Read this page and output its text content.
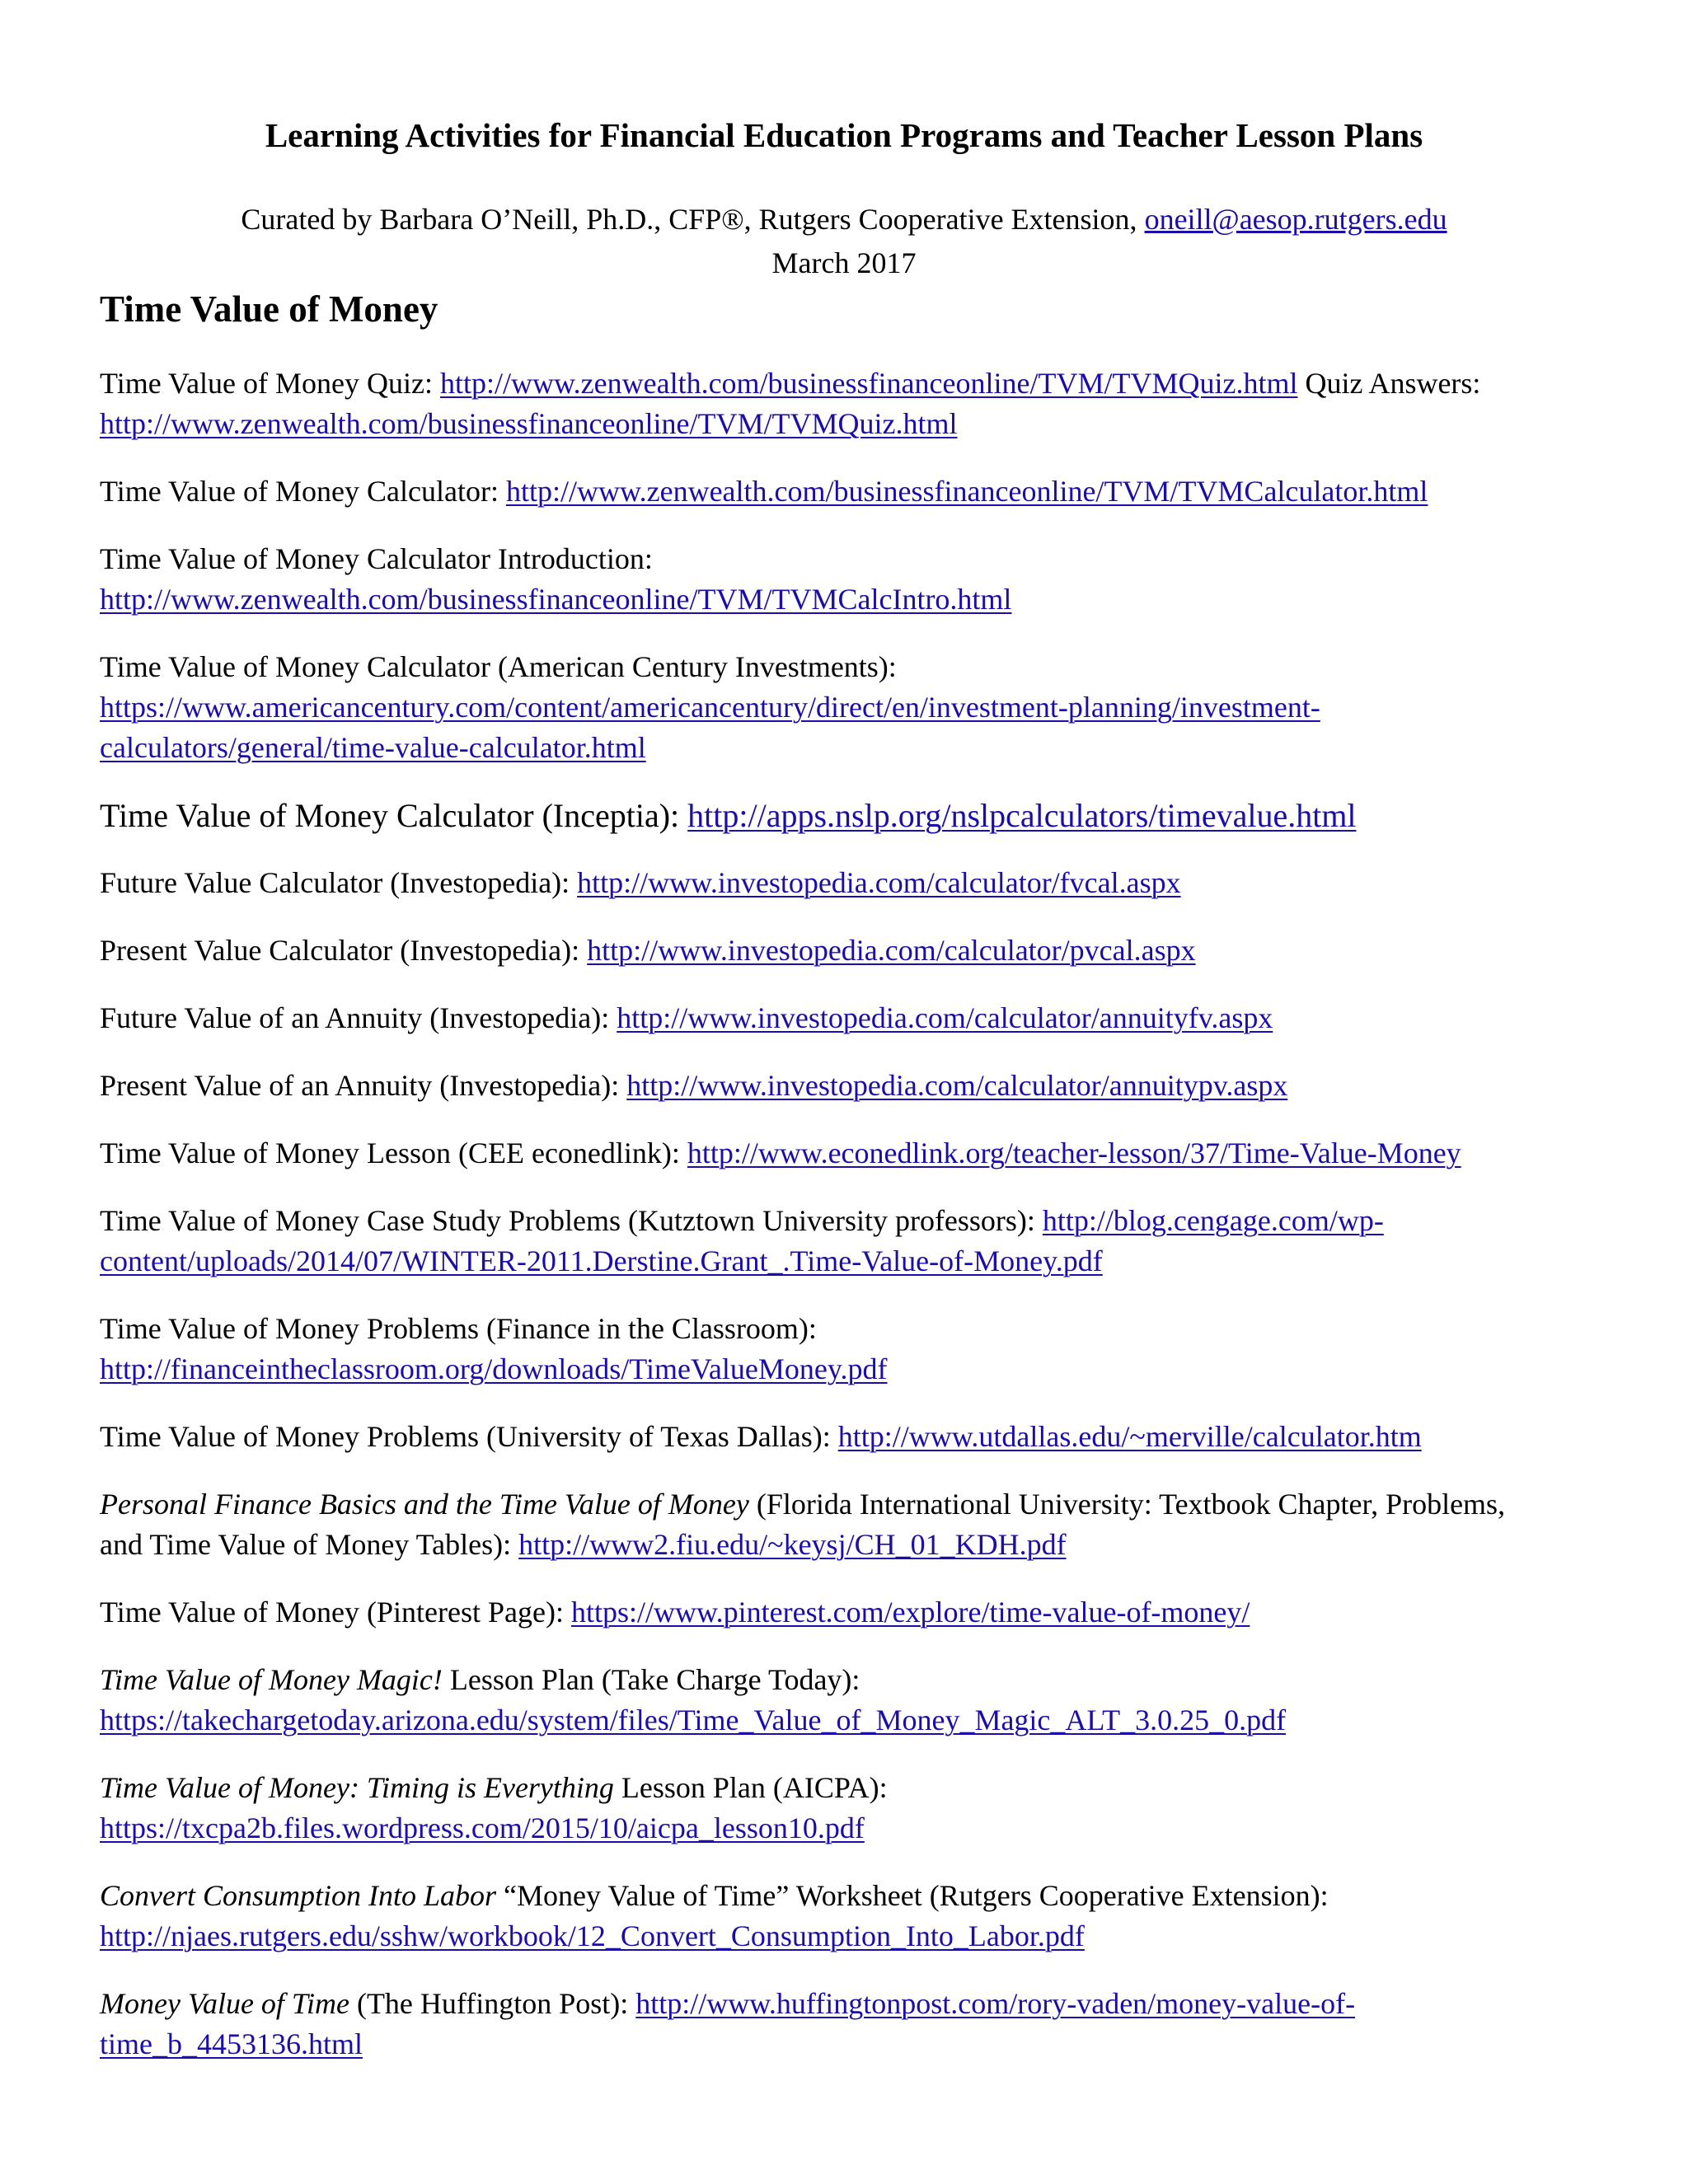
Learning Activities for Financial Education Programs and Teacher Lesson Plans
Curated by Barbara O’Neill, Ph.D., CFP®, Rutgers Cooperative Extension, oneill@aesop.rutgers.edu
March 2017
Time Value of Money
Time Value of Money Quiz: http://www.zenwealth.com/businessfinanceonline/TVM/TVMQuiz.html Quiz Answers:
http://www.zenwealth.com/businessfinanceonline/TVM/TVMQuiz.html
Time Value of Money Calculator: http://www.zenwealth.com/businessfinanceonline/TVM/TVMCalculator.html
Time Value of Money Calculator Introduction:
http://www.zenwealth.com/businessfinanceonline/TVM/TVMCalcIntro.html
Time Value of Money Calculator (American Century Investments):
https://www.americancentury.com/content/americancentury/direct/en/investment-planning/investment-
calculators/general/time-value-calculator.html
Time Value of Money Calculator (Inceptia): http://apps.nslp.org/nslpcalculators/timevalue.html
Future Value Calculator (Investopedia): http://www.investopedia.com/calculator/fvcal.aspx
Present Value Calculator (Investopedia): http://www.investopedia.com/calculator/pvcal.aspx
Future Value of an Annuity (Investopedia): http://www.investopedia.com/calculator/annuityfv.aspx
Present Value of an Annuity (Investopedia): http://www.investopedia.com/calculator/annuitypv.aspx
Time Value of Money Lesson (CEE econedlink): http://www.econedlink.org/teacher-lesson/37/Time-Value-Money
Time Value of Money Case Study Problems (Kutztown University professors): http://blog.cengage.com/wp-
content/uploads/2014/07/WINTER-2011.Derstine.Grant_.Time-Value-of-Money.pdf
Time Value of Money Problems (Finance in the Classroom):
http://financeintheclassroom.org/downloads/TimeValueMoney.pdf
Time Value of Money Problems (University of Texas Dallas): http://www.utdallas.edu/~merville/calculator.htm
Personal Finance Basics and the Time Value of Money (Florida International University: Textbook Chapter, Problems,
and Time Value of Money Tables): http://www2.fiu.edu/~keysj/CH_01_KDH.pdf
Time Value of Money (Pinterest Page): https://www.pinterest.com/explore/time-value-of-money/
Time Value of Money Magic! Lesson Plan (Take Charge Today):
https://takechargetoday.arizona.edu/system/files/Time_Value_of_Money_Magic_ALT_3.0.25_0.pdf
Time Value of Money: Timing is Everything Lesson Plan (AICPA):
https://txcpa2b.files.wordpress.com/2015/10/aicpa_lesson10.pdf
Convert Consumption Into Labor “Money Value of Time” Worksheet (Rutgers Cooperative Extension):
http://njaes.rutgers.edu/sshw/workbook/12_Convert_Consumption_Into_Labor.pdf
Money Value of Time (The Huffington Post): http://www.huffingtonpost.com/rory-vaden/money-value-of-
time_b_4453136.html
